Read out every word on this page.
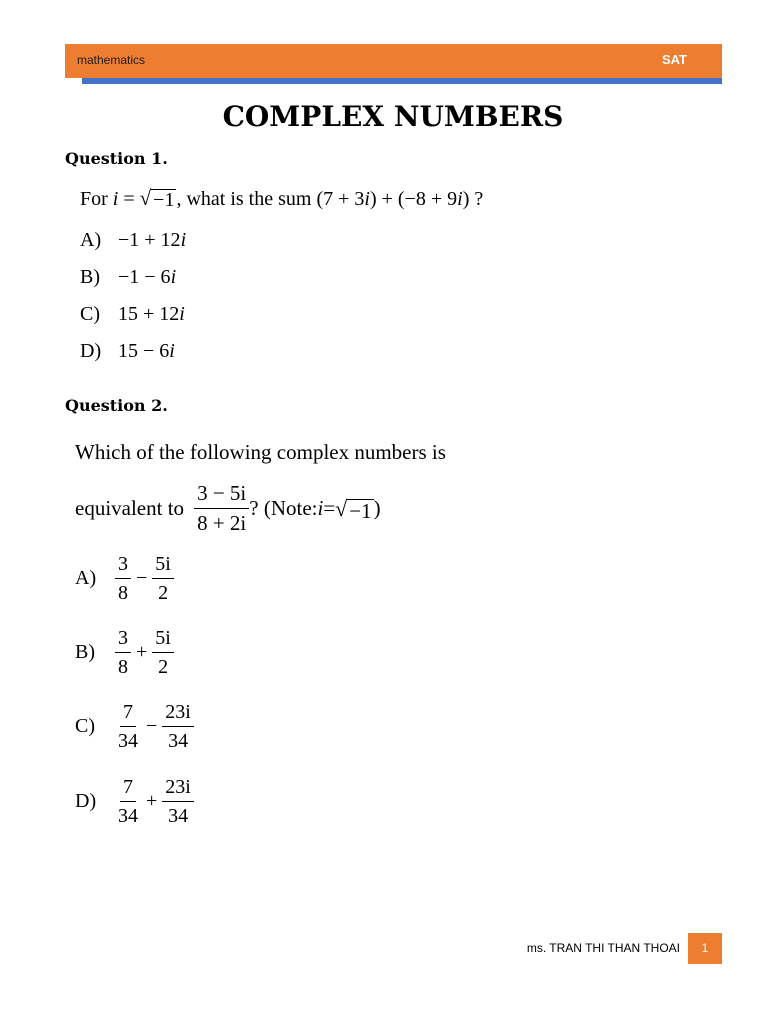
mathematics	SAT
COMPLEX NUMBERS
Question 1.
For i = √ −1 , what is the sum (7 + 3i) + (−8 + 9i) ?
A) −1 + 12i
B) −1 − 6i
C) 15 + 12i
D) 15 − 6i
Question 2.
Which of the following complex numbers is
equivalent to $\frac{3 - 5i}{8 + 2i}$ ? (Note: i = √ −1 )
$A) \frac{3}{8} - \frac{5i}{2}$
B)	$\frac{3}{8} + \frac{5i}{2}$
C)	$\frac{7}{34} - \frac{23i}{34}$
$D) \frac{7}{34} + \frac{23i}{34}$
ms. TRAN THI THAN THOAI	1
